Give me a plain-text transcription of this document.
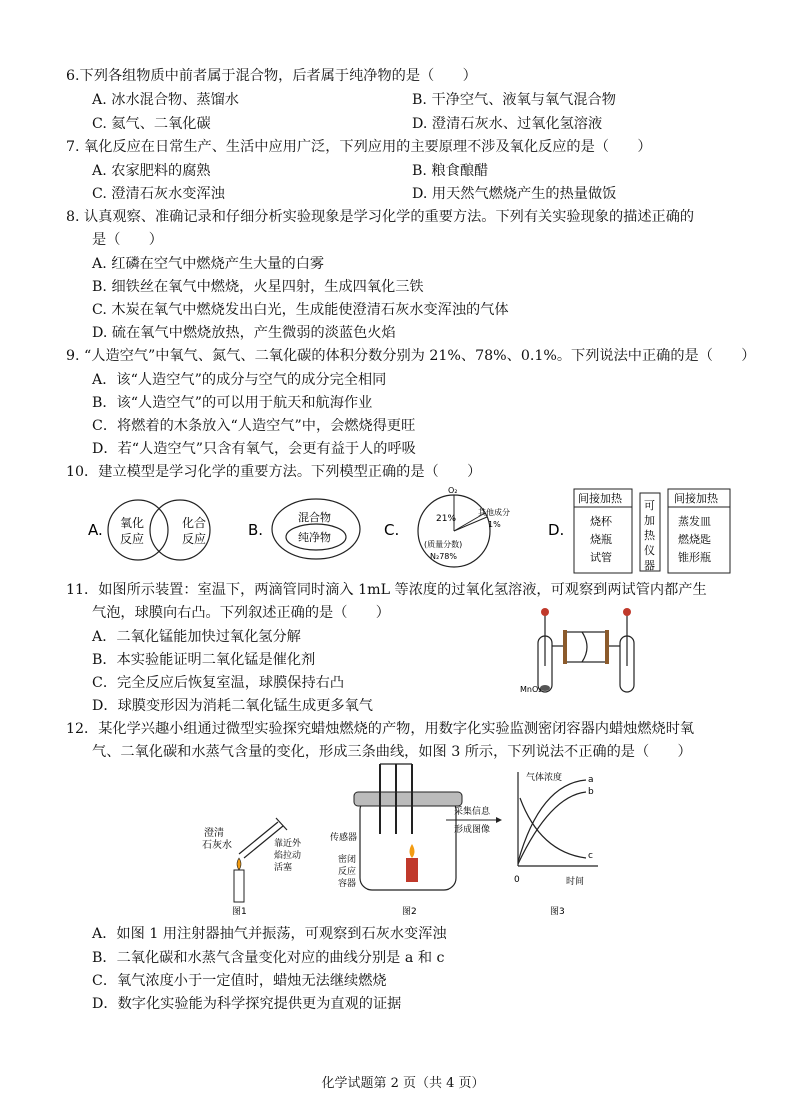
6.下列各组物质中前者属于混合物，后者属于纯净物的是（　　）
A. 冰水混合物、蒸馏水	B. 干净空气、液氧与氧气混合物
C. 氦气、二氧化碳	D. 澄清石灰水、过氧化氢溶液
7. 氧化反应在日常生产、生活中应用广泛，下列应用的主要原理不涉及氧化反应的是（　　）
A. 农家肥料的腐熟	B. 粮食酿醋
C. 澄清石灰水变浑浊	D. 用天然气燃烧产生的热量做饭
8. 认真观察、准确记录和仔细分析实验现象是学习化学的重要方法。下列有关实验现象的描述正确的
是（　　）
A. 红磷在空气中燃烧产生大量的白雾
B. 细铁丝在氧气中燃烧，火星四射，生成四氧化三铁
C. 木炭在氧气中燃烧发出白光，生成能使澄清石灰水变浑浊的气体
D. 硫在氧气中燃烧放热，产生微弱的淡蓝色火焰
9. “人造空气”中氧气、氮气、二氧化碳的体积分数分别为 21%、78%、0.1%。下列说法中正确的是（　　）
A．该“人造空气”的成分与空气的成分完全相同
B．该“人造空气”的可以用于航天和航海作业
C．将燃着的木条放入“人造空气”中，会燃烧得更旺
D．若“人造空气”只含有氧气，会更有益于人的呼吸
10．建立模型是学习化学的重要方法。下列模型正确的是（　　）
A. 氧化
反应
化合
反应	B.
混合物
纯净物	C.
O₂
21%
其他成分
1%
(质量分数)
N₂78%
D.
间接加热
烧杯
烧瓶
试管
可
加
热
仪
器
间接加热
蒸发皿
燃烧匙
锥形瓶
11．如图所示装置：室温下，两滴管同时滴入 1mL 等浓度的过氧化氢溶液，可观察到两试管内都产生
气泡，球膜向右凸。下列叙述正确的是（　　）
A．二氧化锰能加快过氧化氢分解
B．本实验能证明二氧化锰是催化剂
C．完全反应后恢复室温，球膜保持右凸
D．球膜变形因为消耗二氧化锰生成更多氧气
MnO₂
12．某化学兴趣小组通过微型实验探究蜡烛燃烧的产物，用数字化实验监测密闭容器内蜡烛燃烧时氧
气、二氧化碳和水蒸气含量的变化，形成三条曲线，如图 3 所示，下列说法不正确的是（　　）
澄清
石灰水	靠近外
焰拉动
活塞
图1
传感器
密闭
反应
容器
采集信息
形成图像
图2
气体浓度
时间
0
a
b
c
图3
A．如图 1 用注射器抽气并振荡，可观察到石灰水变浑浊
B．二氧化碳和水蒸气含量变化对应的曲线分别是 a 和 c
C．氧气浓度小于一定值时，蜡烛无法继续燃烧
D．数字化实验能为科学探究提供更为直观的证据
化学试题第 2 页（共 4 页）
